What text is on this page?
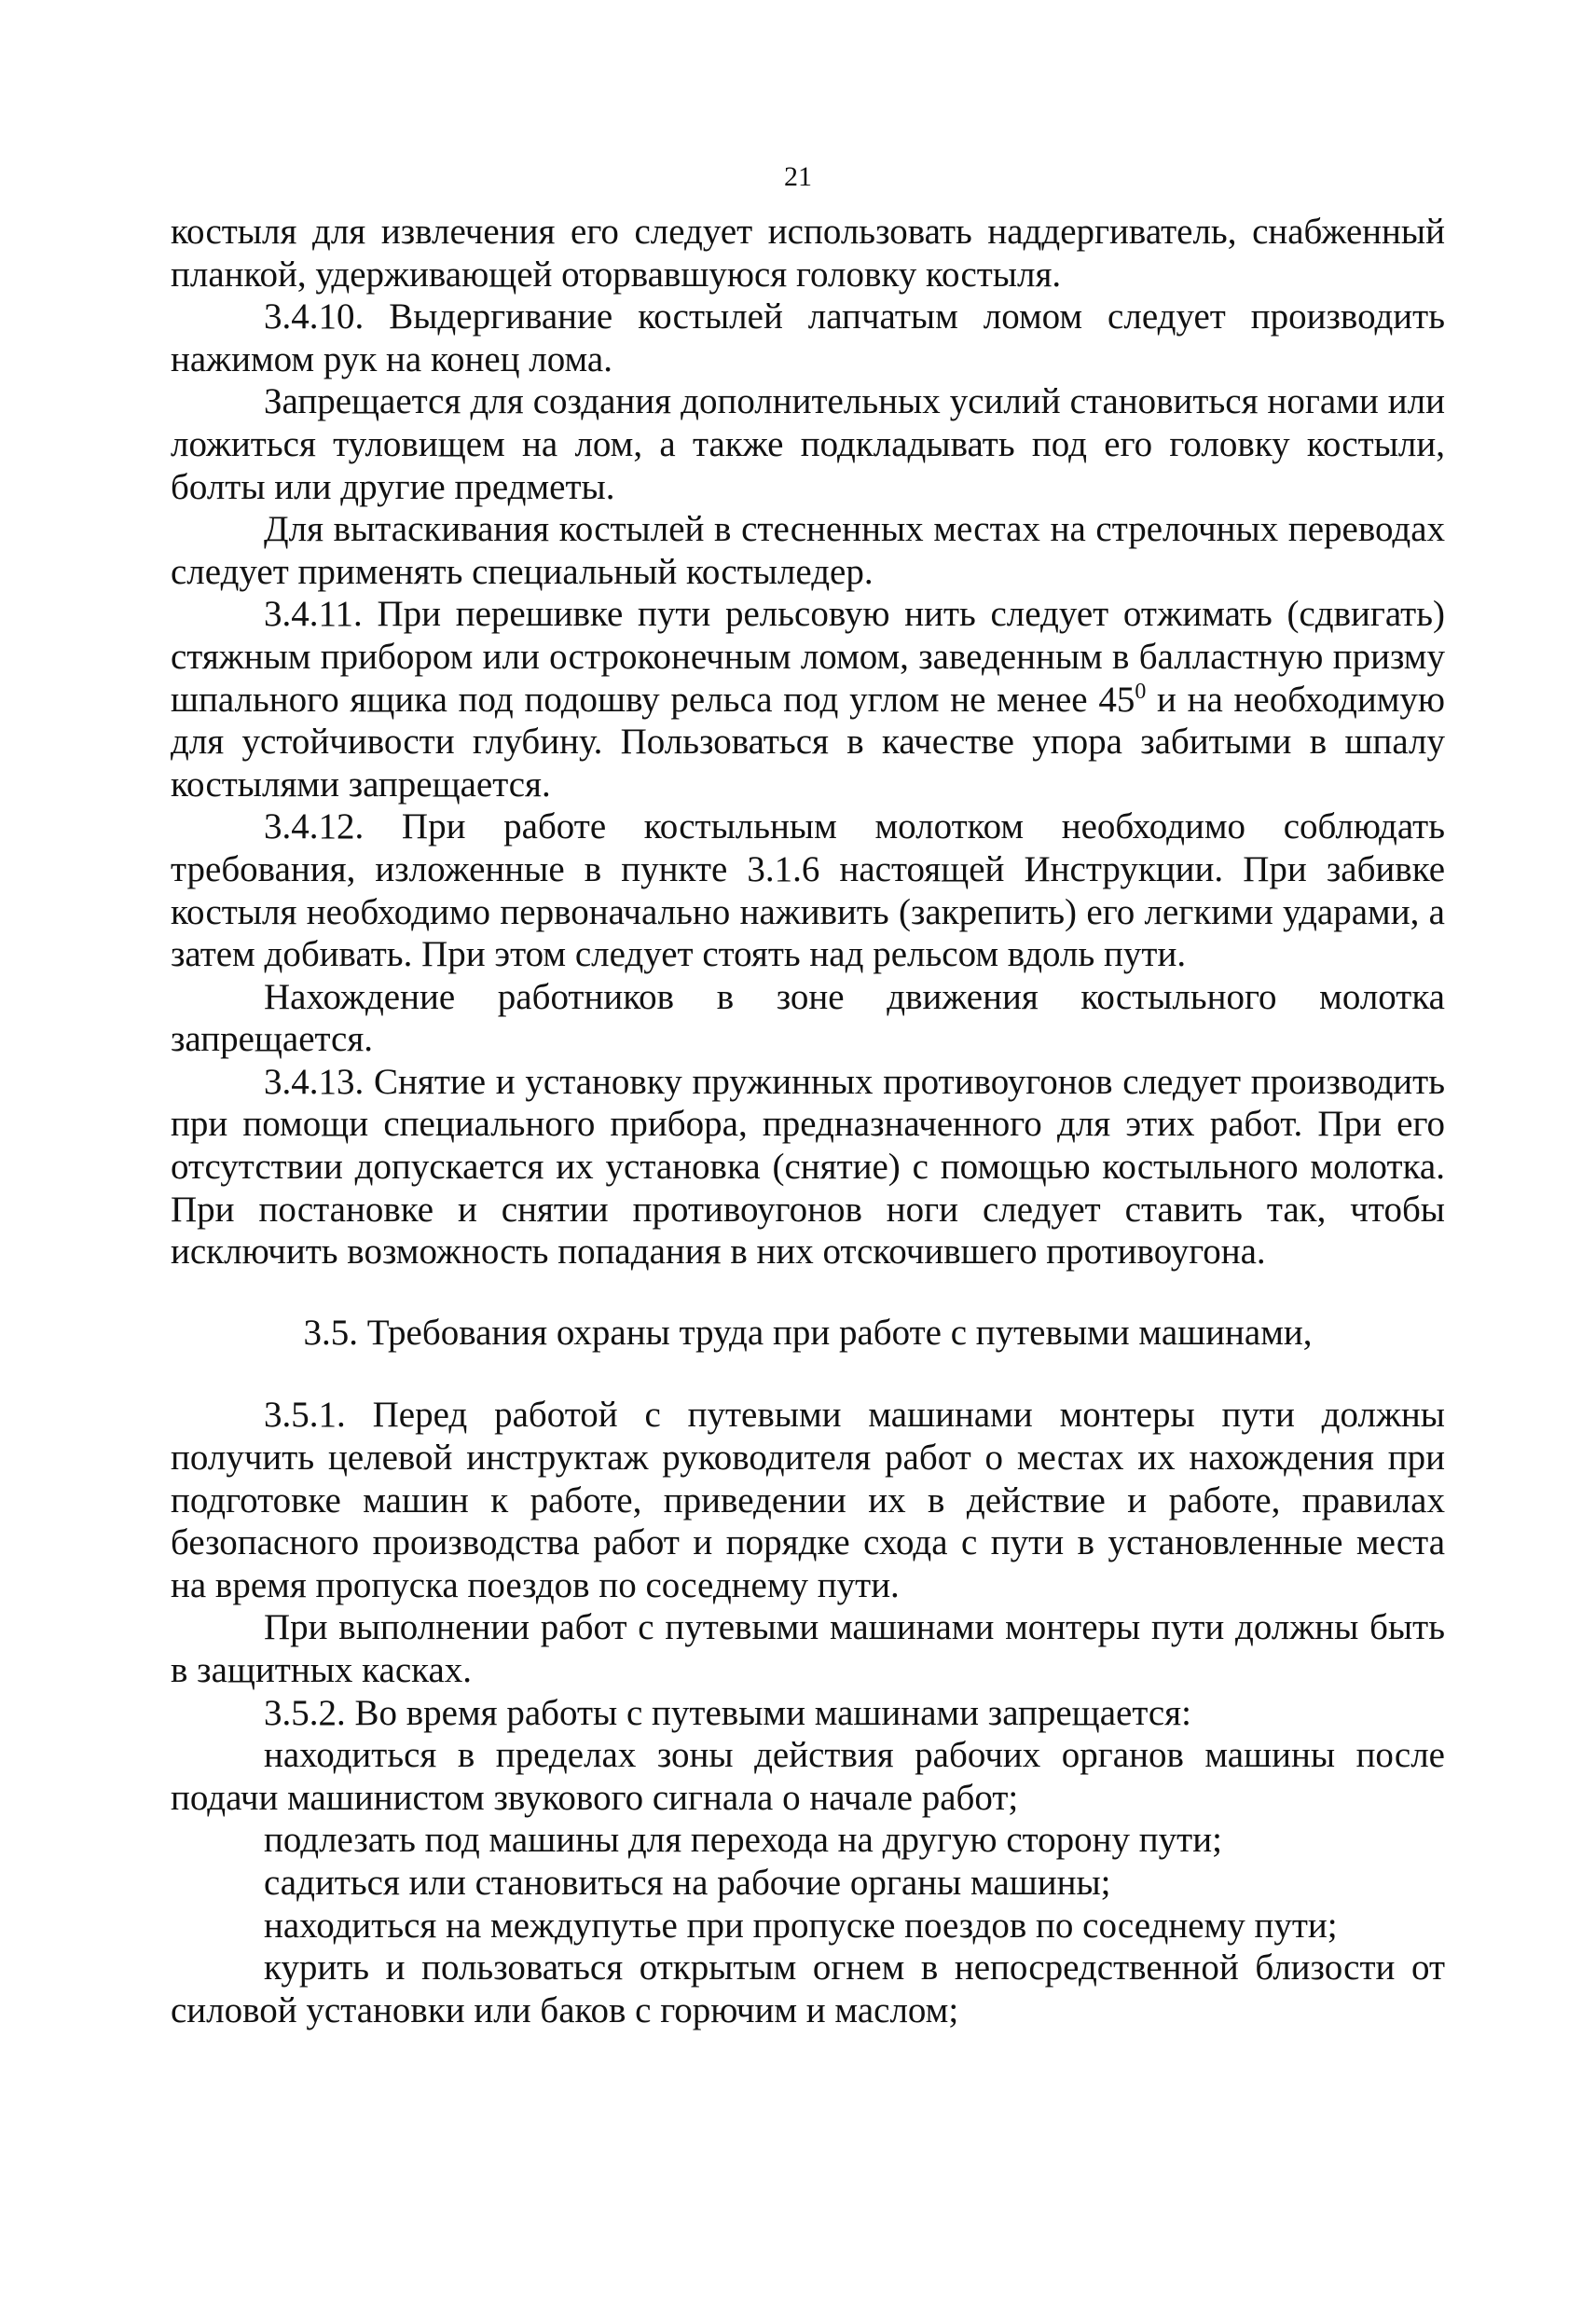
21

костыля для извлечения его следует использовать наддергиватель, снабженный планкой, удерживающей оторвавшуюся головку костыля.

3.4.10. Выдергивание костылей лапчатым ломом следует производить нажимом рук на конец лома.

Запрещается для создания дополнительных усилий становиться ногами или ложиться туловищем на лом, а также подкладывать под его головку костыли, болты или другие предметы.

Для вытаскивания костылей в стесненных местах на стрелочных переводах следует применять специальный костыледер.

3.4.11. При перешивке пути рельсовую нить следует отжимать (сдвигать) стяжным прибором или остроконечным ломом, заведенным в балластную призму шпального ящика под подошву рельса под углом не менее $45^0$ и на необходимую для устойчивости глубину. Пользоваться в качестве упора забитыми в шпалу костылями запрещается.

3.4.12. При работе костыльным молотком необходимо соблюдать требования, изложенные в пункте 3.1.6 настоящей Инструкции. При забивке костыля необходимо первоначально наживить (закрепить) его легкими ударами, а затем добивать. При этом следует стоять над рельсом вдоль пути.

Нахождение работников в зоне движения костыльного молотка запрещается.

3.4.13. Снятие и установку пружинных противоугонов следует производить при помощи специального прибора, предназначенного для этих работ. При его отсутствии допускается их установка (снятие) с помощью костыльного молотка. При постановке и снятии противоугонов ноги следует ставить так, чтобы исключить возможность попадания в них отскочившего противоугона.

3.5. Требования охраны труда при работе с путевыми машинами,

3.5.1. Перед работой с путевыми машинами монтеры пути должны получить целевой инструктаж руководителя работ о местах их нахождения при подготовке машин к работе, приведении их в действие и работе, правилах безопасного производства работ и порядке схода с пути в установленные места на время пропуска поездов по соседнему пути.

При выполнении работ с путевыми машинами монтеры пути должны быть в защитных касках.

3.5.2. Во время работы с путевыми машинами запрещается:

находиться в пределах зоны действия рабочих органов машины после подачи машинистом звукового сигнала о начале работ;

подлезать под машины для перехода на другую сторону пути;

садиться или становиться на рабочие органы машины;

находиться на междупутье при пропуске поездов по соседнему пути;

курить и пользоваться открытым огнем в непосредственной близости от силовой установки или баков с горючим и маслом;
